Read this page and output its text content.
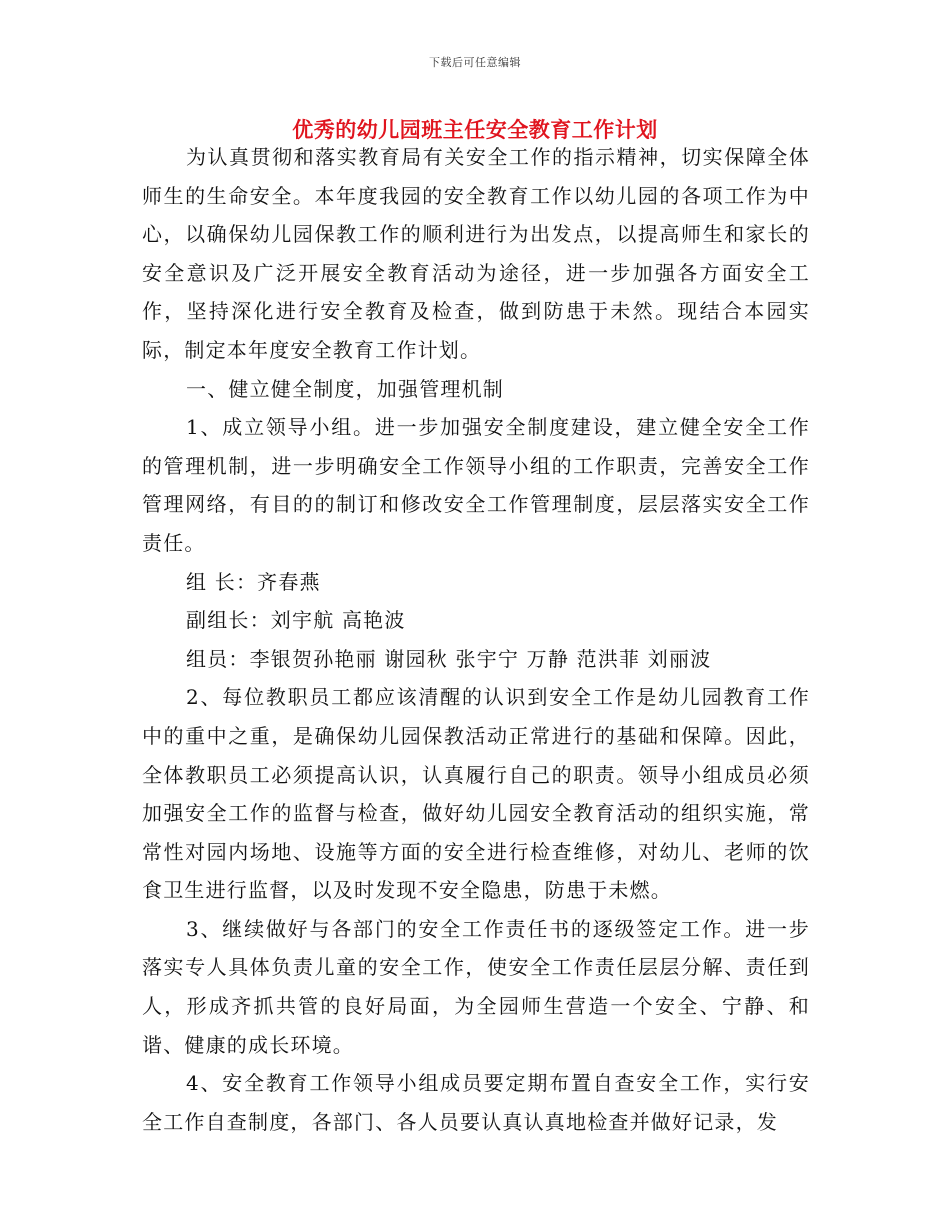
下载后可任意编辑
优秀的幼儿园班主任安全教育工作计划

为认真贯彻和落实教育局有关安全工作的指示精神，切实保障全体师生的生命安全。本年度我园的安全教育工作以幼儿园的各项工作为中心，以确保幼儿园保教工作的顺利进行为出发点，以提高师生和家长的安全意识及广泛开展安全教育活动为途径，进一步加强各方面安全工作，坚持深化进行安全教育及检查，做到防患于未然。现结合本园实际，制定本年度安全教育工作计划。

一、健立健全制度，加强管理机制

1、成立领导小组。进一步加强安全制度建设，建立健全安全工作的管理机制，进一步明确安全工作领导小组的工作职责，完善安全工作管理网络，有目的的制订和修改安全工作管理制度，层层落实安全工作责任。

组 长：齐春燕

副组长：刘宇航 高艳波

组员：李银贺孙艳丽 谢园秋 张宇宁 万静 范洪菲 刘丽波

2、每位教职员工都应该清醒的认识到安全工作是幼儿园教育工作中的重中之重，是确保幼儿园保教活动正常进行的基础和保障。因此，全体教职员工必须提高认识，认真履行自己的职责。领导小组成员必须加强安全工作的监督与检查，做好幼儿园安全教育活动的组织实施，常常性对园内场地、设施等方面的安全进行检查维修，对幼儿、老师的饮食卫生进行监督，以及时发现不安全隐患，防患于未燃。

3、继续做好与各部门的安全工作责任书的逐级签定工作。进一步落实专人具体负责儿童的安全工作，使安全工作责任层层分解、责任到人，形成齐抓共管的良好局面，为全园师生营造一个安全、宁静、和谐、健康的成长环境。

4、安全教育工作领导小组成员要定期布置自查安全工作，实行安全工作自查制度，各部门、各人员要认真认真地检查并做好记录，发
